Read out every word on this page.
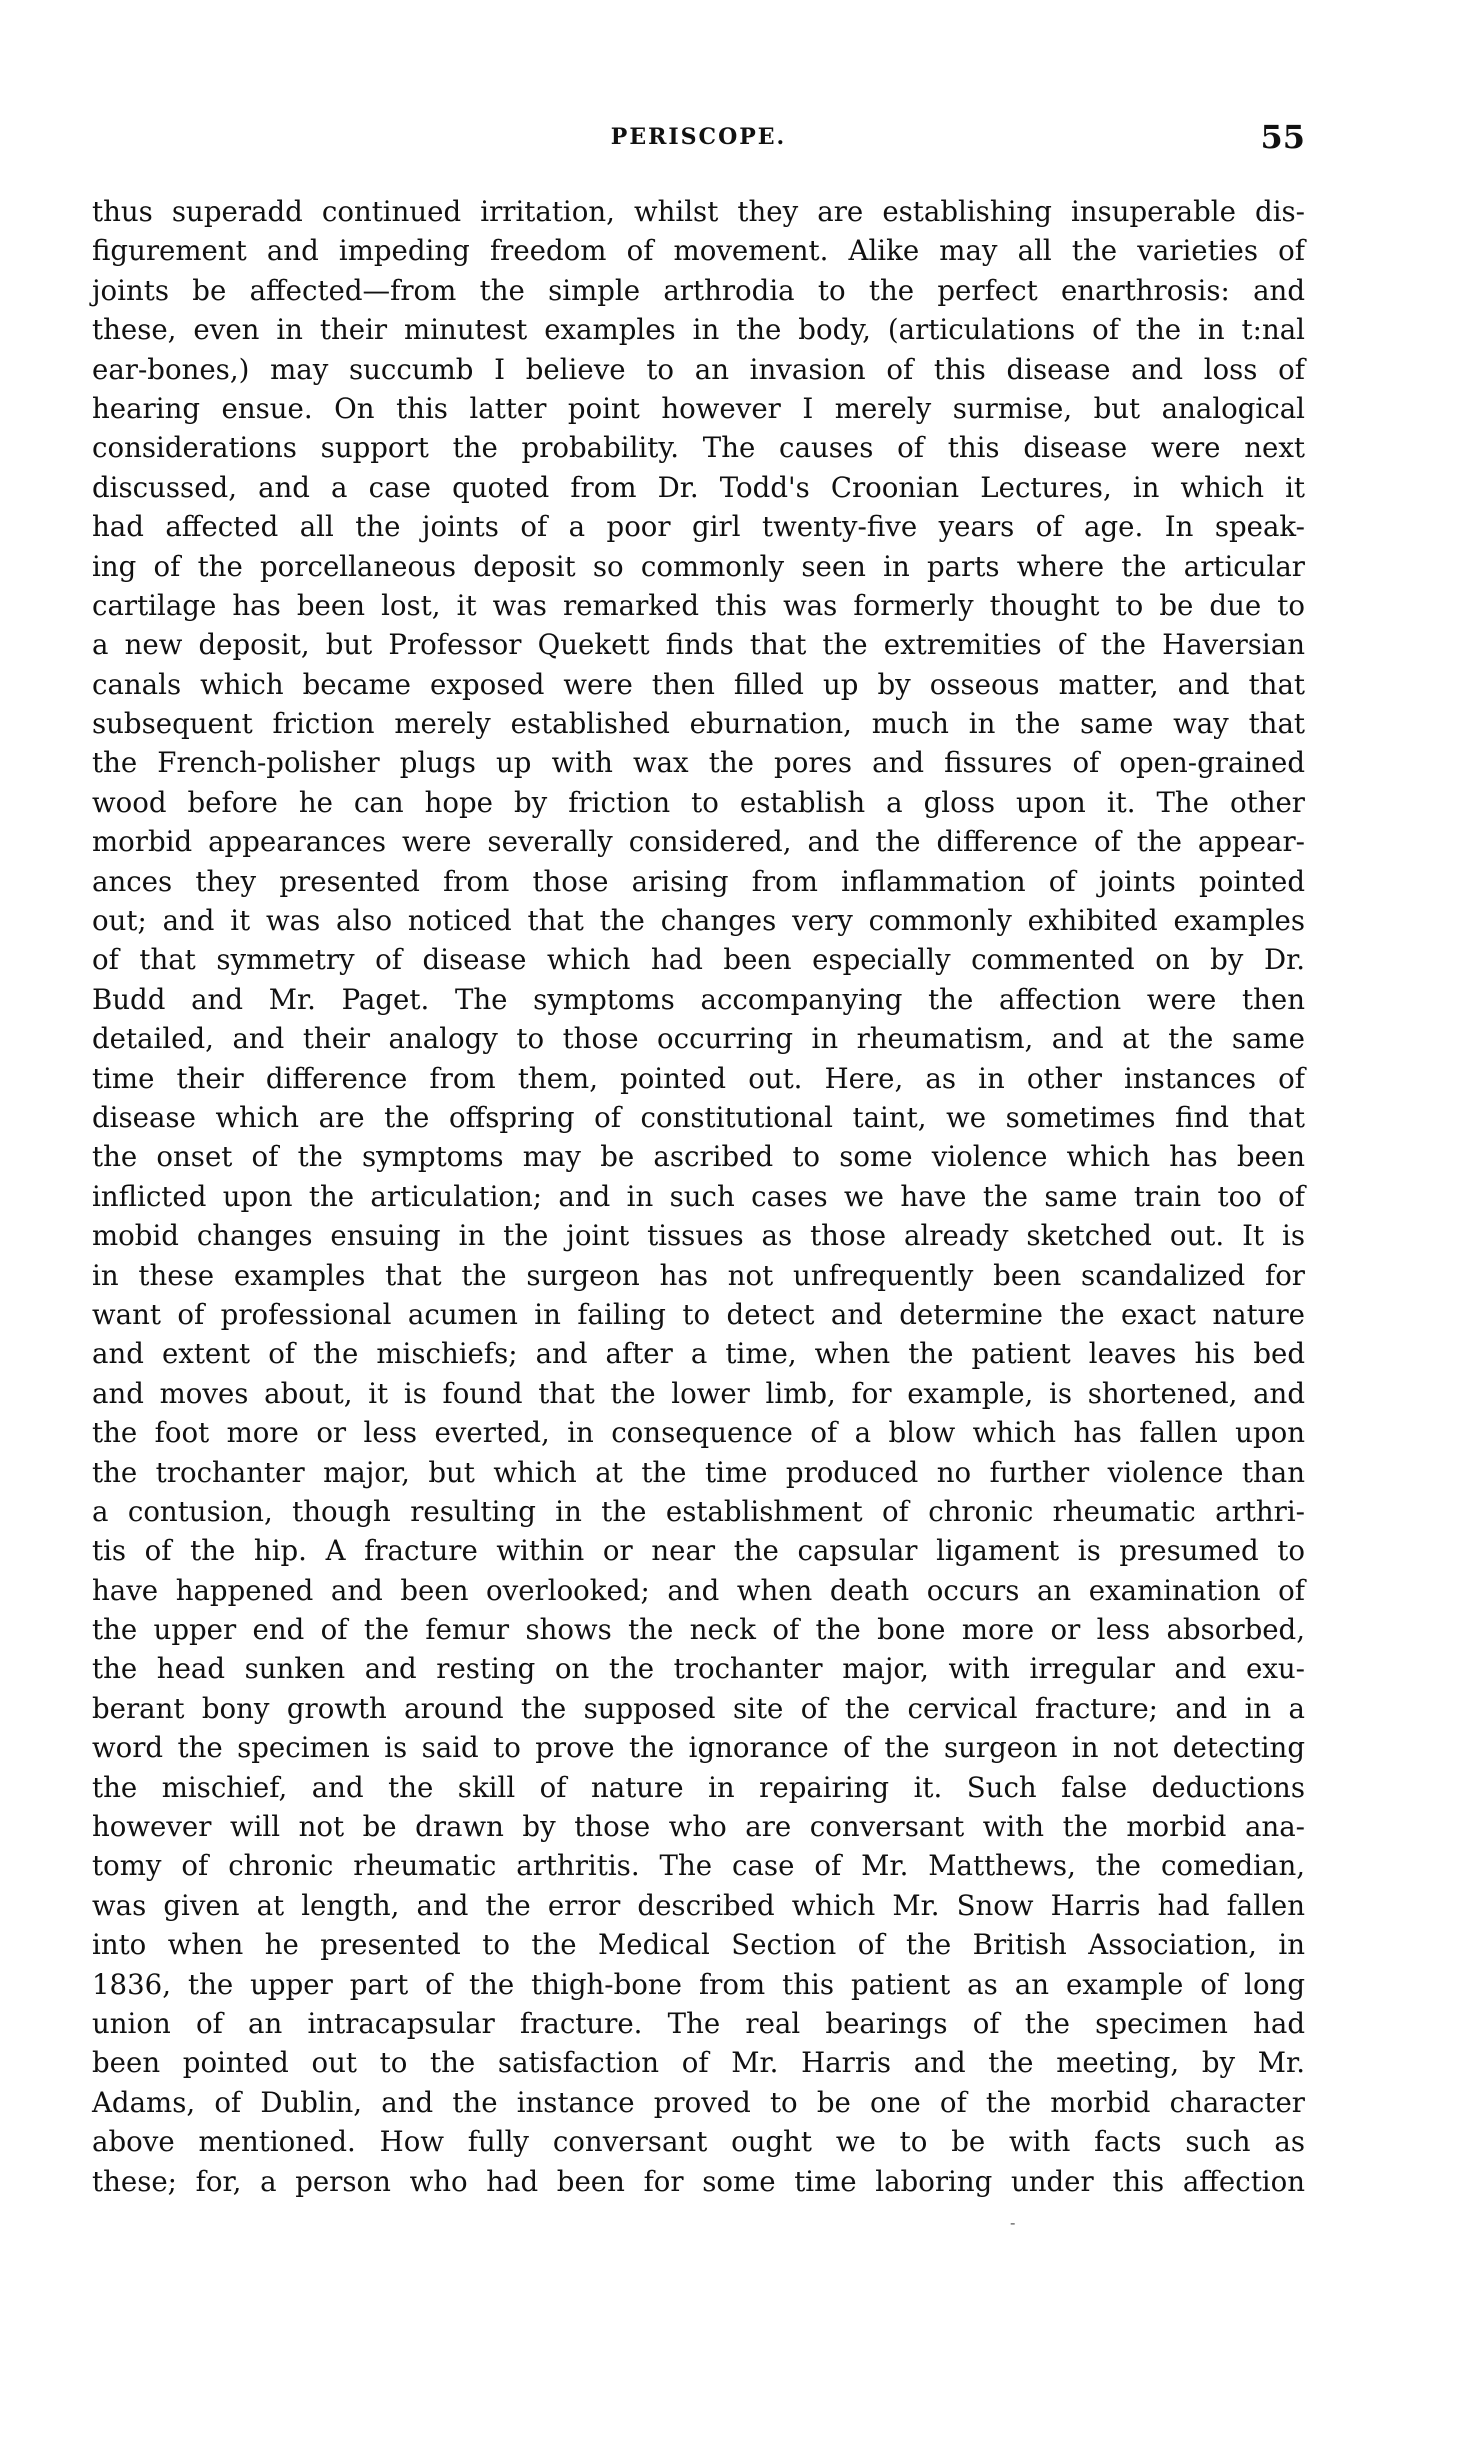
PERISCOPE.	55
thus superadd continued irritation, whilst they are establishing insuperable dis-
figurement and impeding freedom of movement. Alike may all the varieties of
joints be affected—from the simple arthrodia to the perfect enarthrosis: and
these, even in their minutest examples in the body, (articulations of the in t:nal
ear-bones,) may succumb I believe to an invasion of this disease and loss of
hearing ensue. On this latter point however I merely surmise, but analogical
considerations support the probability. The causes of this disease were next
discussed, and a case quoted from Dr. Todd's Croonian Lectures, in which it
had affected all the joints of a poor girl twenty-five years of age. In speak-
ing of the porcellaneous deposit so commonly seen in parts where the articular
cartilage has been lost, it was remarked this was formerly thought to be due to
a new deposit, but Professor Quekett finds that the extremities of the Haversian
canals which became exposed were then filled up by osseous matter, and that
subsequent friction merely established eburnation, much in the same way that
the French-polisher plugs up with wax the pores and fissures of open-grained
wood before he can hope by friction to establish a gloss upon it. The other
morbid appearances were severally considered, and the difference of the appear-
ances they presented from those arising from inflammation of joints pointed
out; and it was also noticed that the changes very commonly exhibited examples
of that symmetry of disease which had been especially commented on by Dr.
Budd and Mr. Paget. The symptoms accompanying the affection were then
detailed, and their analogy to those occurring in rheumatism, and at the same
time their difference from them, pointed out. Here, as in other instances of
disease which are the offspring of constitutional taint, we sometimes find that
the onset of the symptoms may be ascribed to some violence which has been
inflicted upon the articulation; and in such cases we have the same train too of
mobid changes ensuing in the joint tissues as those already sketched out. It is
in these examples that the surgeon has not unfrequently been scandalized for
want of professional acumen in failing to detect and determine the exact nature
and extent of the mischiefs; and after a time, when the patient leaves his bed
and moves about, it is found that the lower limb, for example, is shortened, and
the foot more or less everted, in consequence of a blow which has fallen upon
the trochanter major, but which at the time produced no further violence than
a contusion, though resulting in the establishment of chronic rheumatic arthri-
tis of the hip. A fracture within or near the capsular ligament is presumed to
have happened and been overlooked; and when death occurs an examination of
the upper end of the femur shows the neck of the bone more or less absorbed,
the head sunken and resting on the trochanter major, with irregular and exu-
berant bony growth around the supposed site of the cervical fracture; and in a
word the specimen is said to prove the ignorance of the surgeon in not detecting
the mischief, and the skill of nature in repairing it. Such false deductions
however will not be drawn by those who are conversant with the morbid ana-
tomy of chronic rheumatic arthritis. The case of Mr. Matthews, the comedian,
was given at length, and the error described which Mr. Snow Harris had fallen
into when he presented to the Medical Section of the British Association, in
1836, the upper part of the thigh-bone from this patient as an example of long
union of an intracapsular fracture. The real bearings of the specimen had
been pointed out to the satisfaction of Mr. Harris and the meeting, by Mr.
Adams, of Dublin, and the instance proved to be one of the morbid character
above mentioned. How fully conversant ought we to be with facts such as
these; for, a person who had been for some time laboring under this affection
-
